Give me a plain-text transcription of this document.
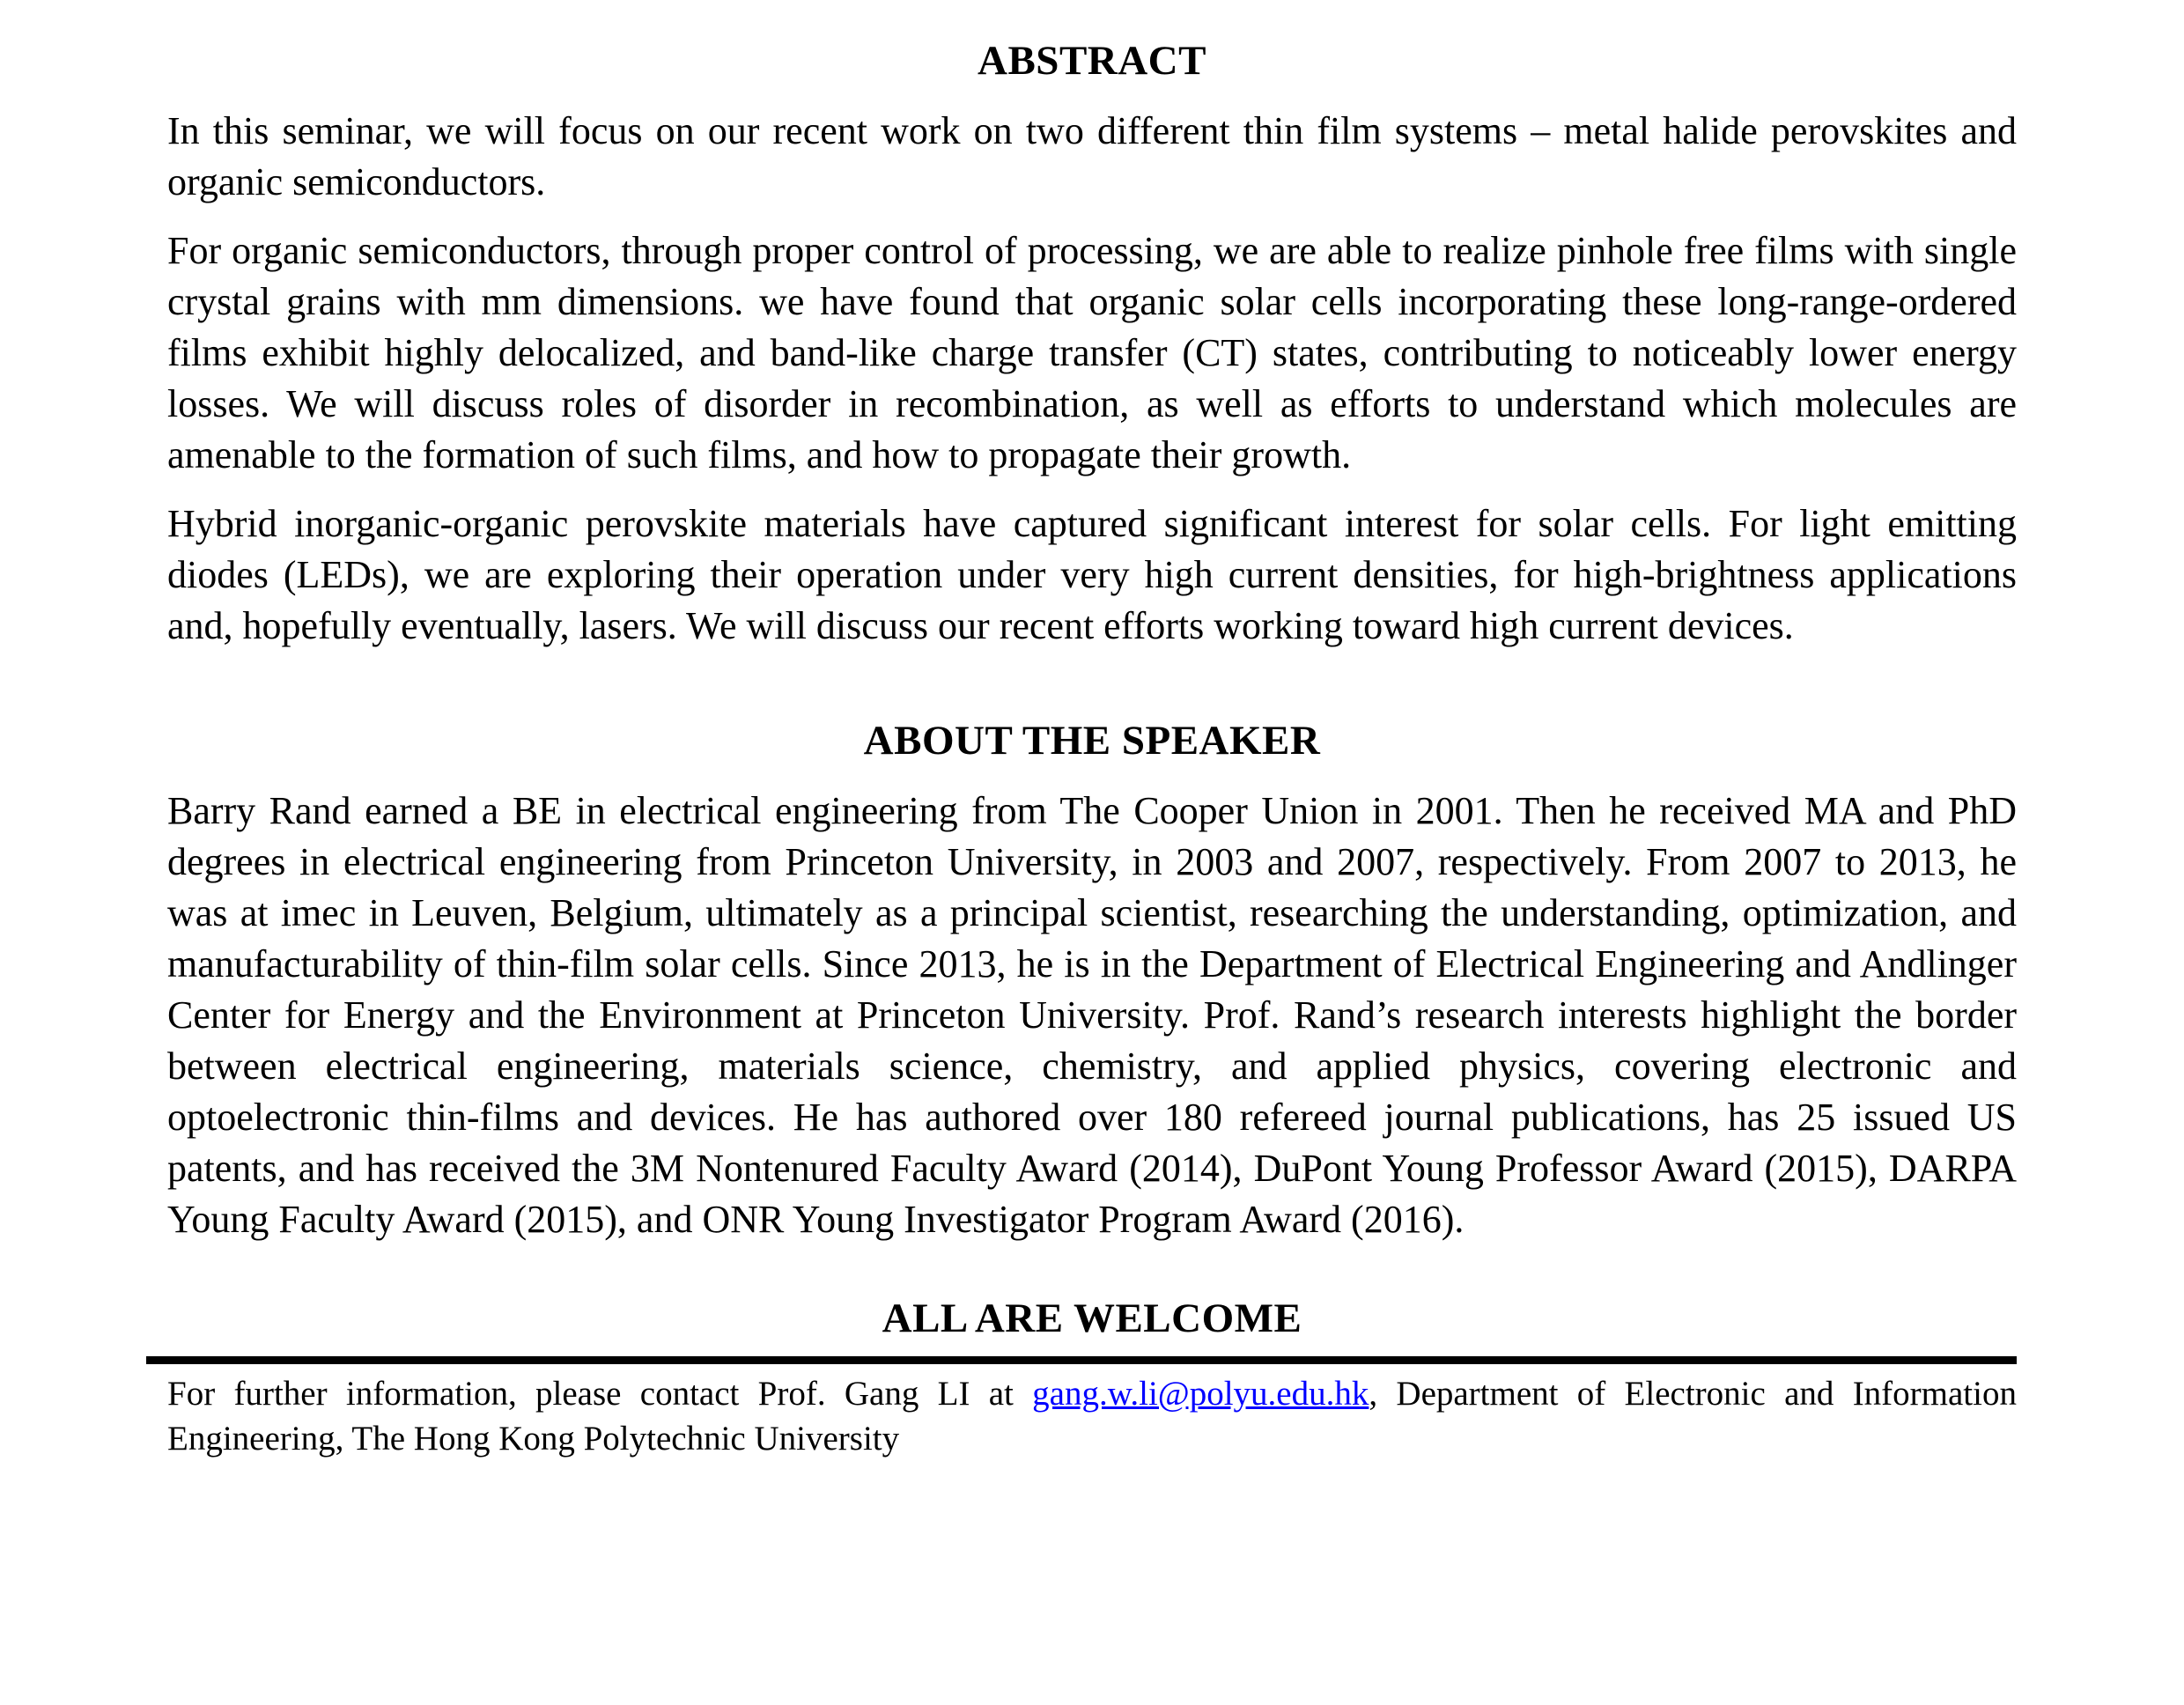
ABSTRACT

In this seminar, we will focus on our recent work on two different thin film systems – metal halide perovskites and organic semiconductors.

For organic semiconductors, through proper control of processing, we are able to realize pinhole free films with single crystal grains with mm dimensions. we have found that organic solar cells incorporating these long-range-ordered films exhibit highly delocalized, and band-like charge transfer (CT) states, contributing to noticeably lower energy losses. We will discuss roles of disorder in recombination, as well as efforts to understand which molecules are amenable to the formation of such films, and how to propagate their growth.

Hybrid inorganic-organic perovskite materials have captured significant interest for solar cells. For light emitting diodes (LEDs), we are exploring their operation under very high current densities, for high-brightness applications and, hopefully eventually, lasers. We will discuss our recent efforts working toward high current devices.

ABOUT THE SPEAKER

Barry Rand earned a BE in electrical engineering from The Cooper Union in 2001. Then he received MA and PhD degrees in electrical engineering from Princeton University, in 2003 and 2007, respectively. From 2007 to 2013, he was at imec in Leuven, Belgium, ultimately as a principal scientist, researching the understanding, optimization, and manufacturability of thin-film solar cells. Since 2013, he is in the Department of Electrical Engineering and Andlinger Center for Energy and the Environment at Princeton University. Prof. Rand’s research interests highlight the border between electrical engineering, materials science, chemistry, and applied physics, covering electronic and optoelectronic thin-films and devices. He has authored over 180 refereed journal publications, has 25 issued US patents, and has received the 3M Nontenured Faculty Award (2014), DuPont Young Professor Award (2015), DARPA Young Faculty Award (2015), and ONR Young Investigator Program Award (2016).

ALL ARE WELCOME

For further information, please contact Prof. Gang LI at gang.w.li@polyu.edu.hk, Department of Electronic and Information Engineering, The Hong Kong Polytechnic University
